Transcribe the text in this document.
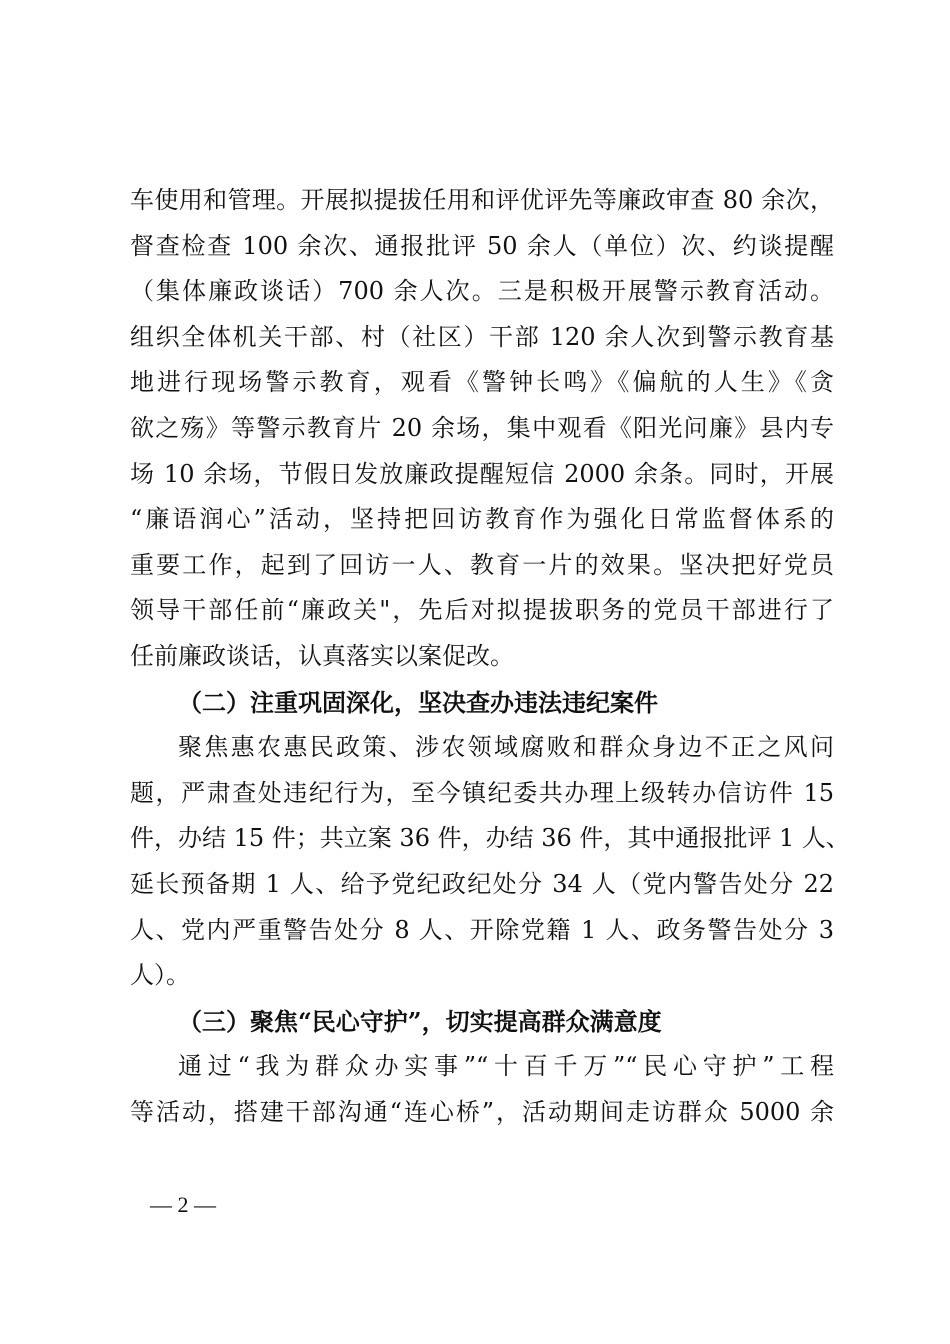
车使用和管理。开展拟提拔任用和评优评先等廉政审查 80 余次，
督查检查 100 余次、通报批评 50 余人（单位）次、约谈提醒
（集体廉政谈话）700 余人次。三是积极开展警示教育活动。
组织全体机关干部、村（社区）干部 120 余人次到警示教育基
地进行现场警示教育，观看《警钟长鸣》《偏航的人生》《贪
欲之殇》等警示教育片 20 余场，集中观看《阳光问廉》县内专
场 10 余场，节假日发放廉政提醒短信 2000 余条。同时，开展
“廉语润心”活动，坚持把回访教育作为强化日常监督体系的
重要工作，起到了回访一人、教育一片的效果。坚决把好党员
领导干部任前“廉政关"，先后对拟提拔职务的党员干部进行了
任前廉政谈话，认真落实以案促改。
（二）注重巩固深化，坚决查办违法违纪案件
聚焦惠农惠民政策、涉农领域腐败和群众身边不正之风问
题，严肃查处违纪行为，至今镇纪委共办理上级转办信访件 15
件，办结 15 件；共立案 36 件，办结 36 件，其中通报批评 1 人、
延长预备期 1 人、给予党纪政纪处分 34 人（党内警告处分 22
人、党内严重警告处分 8 人、开除党籍 1 人、政务警告处分 3
人）。
（三）聚焦“民心守护”，切实提高群众满意度
通过“我为群众办实事”“十百千万”“民心守护”工程
等活动，搭建干部沟通“连心桥”，活动期间走访群众 5000 余
— 2 —
